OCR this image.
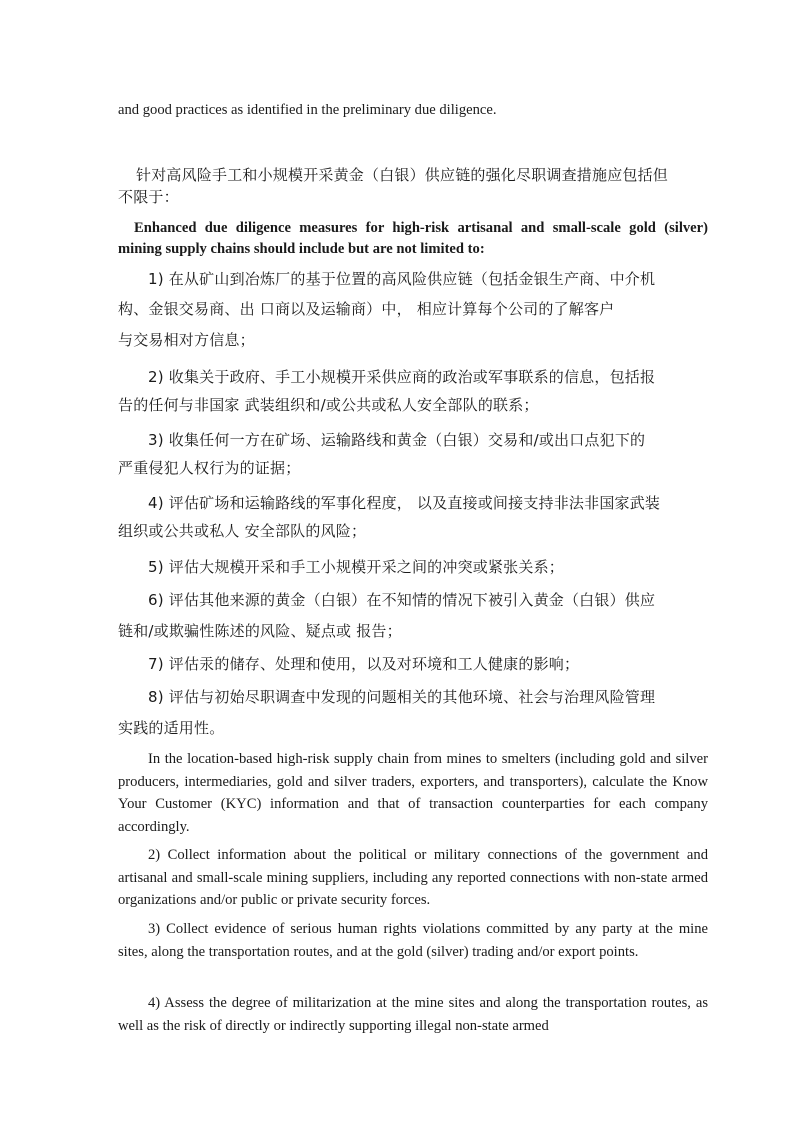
and good practices as identified in the preliminary due diligence.

针对高风险手工和小规模开采黄金（白银）供应链的强化尽职调查措施应包括但
不限于：

Enhanced due diligence measures for high-risk artisanal and small-scale gold (silver) mining supply chains should include but are not limited to:

1) 在从矿山到冶炼厂的基于位置的高风险供应链（包括金银生产商、中介机
构、金银交易商、出 口商以及运输商）中， 相应计算每个公司的了解客户
与交易相对方信息；
2) 收集关于政府、手工小规模开采供应商的政治或军事联系的信息，包括报
告的任何与非国家 武装组织和/或公共或私人安全部队的联系；
3) 收集任何一方在矿场、运输路线和黄金（白银）交易和/或出口点犯下的
严重侵犯人权行为的证据；
4) 评估矿场和运输路线的军事化程度， 以及直接或间接支持非法非国家武装
组织或公共或私人 安全部队的风险；
5) 评估大规模开采和手工小规模开采之间的冲突或紧张关系；
6) 评估其他来源的黄金（白银）在不知情的情况下被引入黄金（白银）供应
链和/或欺骗性陈述的风险、疑点或 报告；
7) 评估汞的储存、处理和使用，以及对环境和工人健康的影响；
8) 评估与初始尽职调查中发现的问题相关的其他环境、社会与治理风险管理
实践的适用性。

In the location-based high-risk supply chain from mines to smelters (including gold and silver producers, intermediaries, gold and silver traders, exporters, and transporters), calculate the Know Your Customer (KYC) information and that of transaction counterparties for each company accordingly.

2) Collect information about the political or military connections of the government and artisanal and small-scale mining suppliers, including any reported connections with non-state armed organizations and/or public or private security forces.

3) Collect evidence of serious human rights violations committed by any party at the mine sites, along the transportation routes, and at the gold (silver) trading and/or export points.

4) Assess the degree of militarization at the mine sites and along the transportation routes, as well as the risk of directly or indirectly supporting illegal non-state armed
